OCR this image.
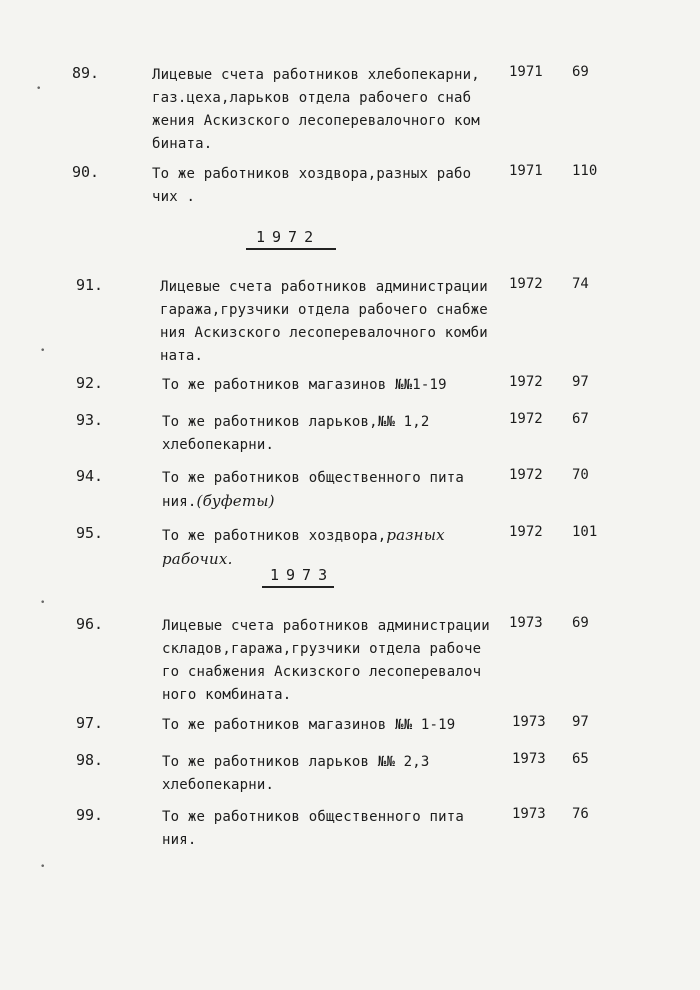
89.	Лицевые счета работников хлебопекарни,
газ.цеха,ларьков отдела рабочего снаб
жения Аскизского лесоперевалочного ком
бината.
1971 69
90.	То же работников хоздвора,разных рабо
чих .
1971 110
1972
91.	Лицевые счета работников администрации
гаража,грузчики отдела рабочего снабже
ния Аскизского лесоперевалочного комби
ната.
1972 74
92.	То же работников магазинов №№1-19	1972 97
93.	То же работников ларьков,№№ 1,2
хлебопекарни.
1972 67
94.	То же работников общественного пита
ния.(буфеты)
1972 70
95.	То же работников хоздвора,разных
рабочих.
1972 101
1973
96.	Лицевые счета работников администрации
складов,гаража,грузчики отдела рабоче
го снабжения Аскизского лесоперевалоч
ного комбината.
1973 69
97.	То же работников магазинов №№ 1-19	1973 97
98.	То же работников ларьков №№ 2,3
хлебопекарни.
1973 65
99.	То же работников общественного пита
ния.
1973 76
•
•
•
•
